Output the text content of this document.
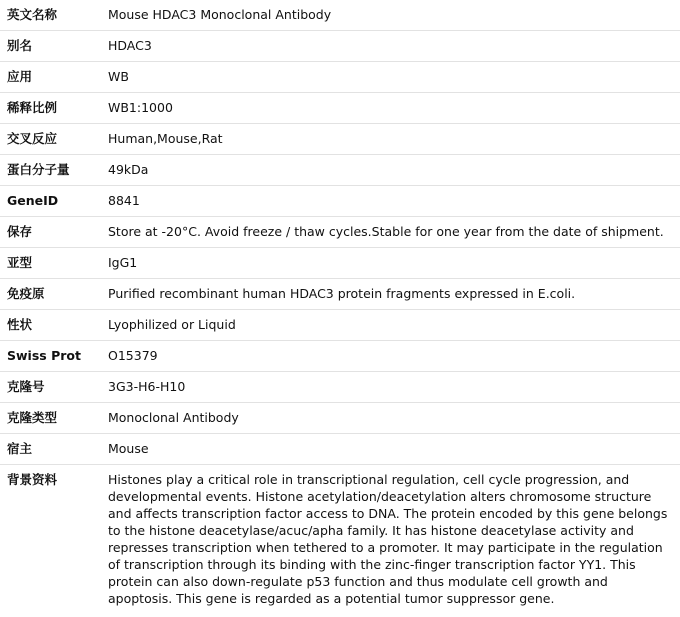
英文名称	Mouse HDAC3 Monoclonal Antibody
别名	HDAC3
应用	WB
稀释比例	WB1:1000
交叉反应	Human,Mouse,Rat
蛋白分子量	49kDa
GeneID	8841
保存	Store at -20°C. Avoid freeze / thaw cycles.Stable for one year from the date of shipment.
亚型	IgG1
免疫原	Purified recombinant human HDAC3 protein fragments expressed in E.coli.
性状	Lyophilized or Liquid
Swiss Prot	O15379
克隆号	3G3-H6-H10
克隆类型	Monoclonal Antibody
宿主	Mouse
背景资料	Histones play a critical role in transcriptional regulation, cell cycle progression, and developmental events. Histone acetylation/deacetylation alters chromosome structure and affects transcription factor access to DNA. The protein encoded by this gene belongs to the histone deacetylase/acuc/apha family. It has histone deacetylase activity and represses transcription when tethered to a promoter. It may participate in the regulation of transcription through its binding with the zinc-finger transcription factor YY1. This protein can also down-regulate p53 function and thus modulate cell growth and apoptosis. This gene is regarded as a potential tumor suppressor gene.
